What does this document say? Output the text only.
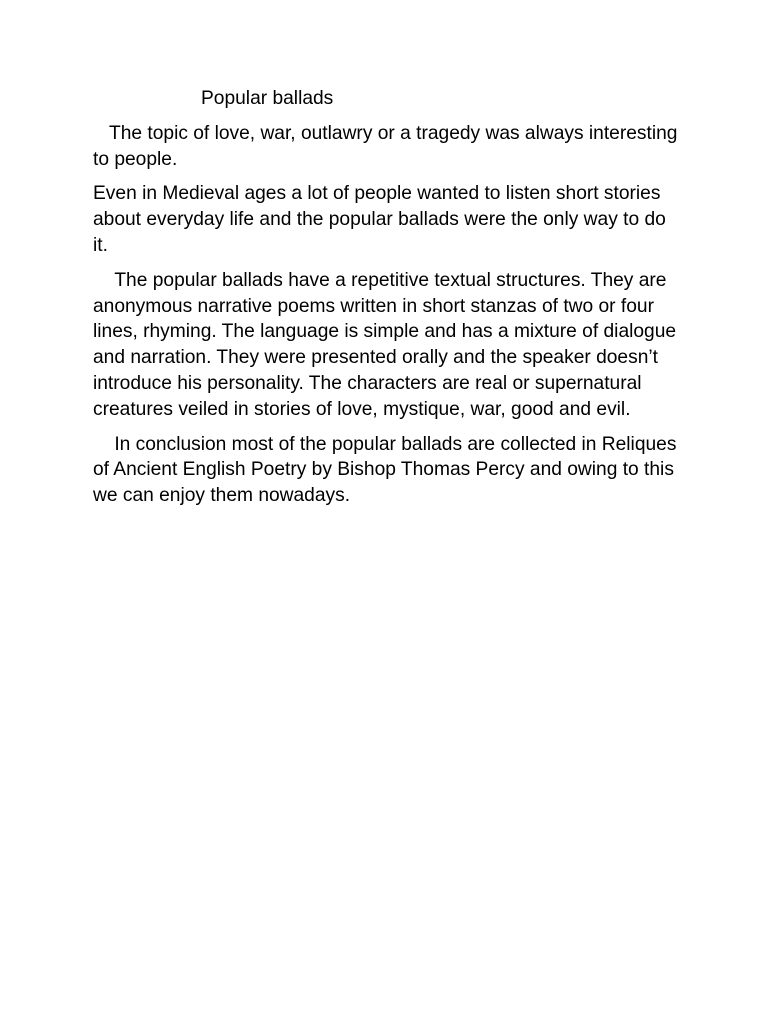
Popular ballads

The topic of love, war, outlawry or a tragedy was always interesting to people.

Even in Medieval ages a lot of people wanted to listen short stories about everyday life and the popular ballads were the only way to do it.

The popular ballads have a repetitive textual structures. They are anonymous narrative poems written in short stanzas of two or four lines, rhyming. The language is simple and has a mixture of dialogue and narration. They were presented orally and the speaker doesn’t introduce his personality. The characters are real or supernatural creatures veiled in stories of love, mystique, war, good and evil.

In conclusion most of the popular ballads are collected in Reliques of Ancient English Poetry by Bishop Thomas Percy and owing to this we can enjoy them nowadays.
